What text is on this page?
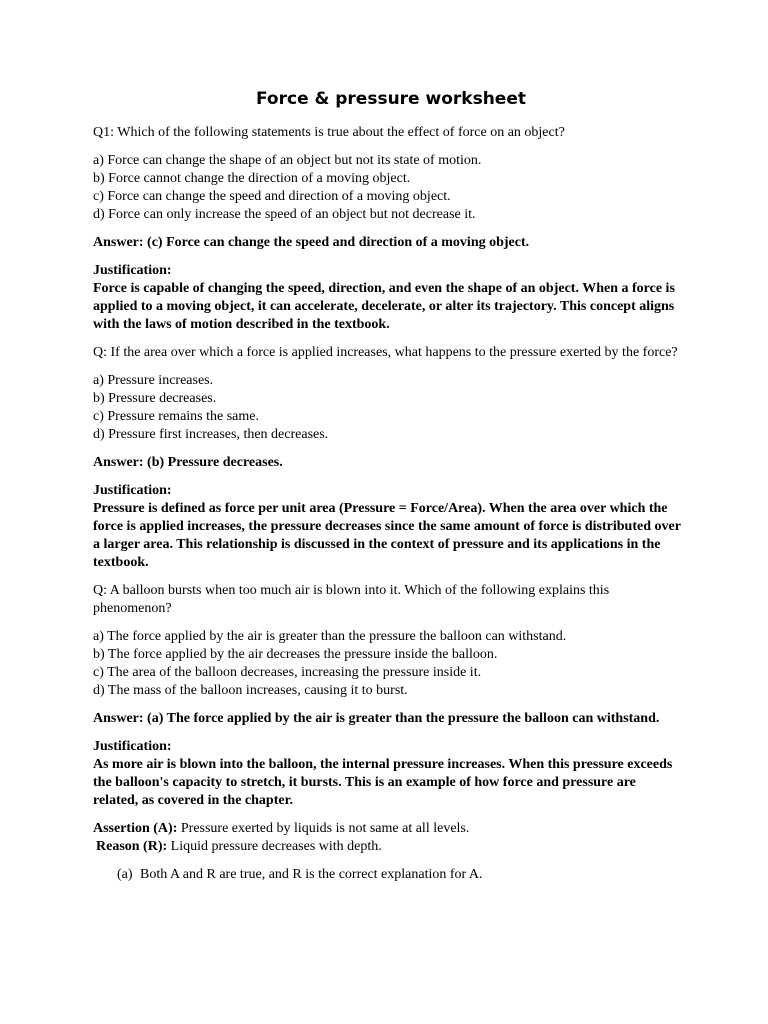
Force & pressure worksheet
Q1: Which of the following statements is true about the effect of force on an object?
a) Force can change the shape of an object but not its state of motion.
b) Force cannot change the direction of a moving object.
c) Force can change the speed and direction of a moving object.
d) Force can only increase the speed of an object but not decrease it.
Answer: (c) Force can change the speed and direction of a moving object.
Justification:
Force is capable of changing the speed, direction, and even the shape of an object. When a force is applied to a moving object, it can accelerate, decelerate, or alter its trajectory. This concept aligns with the laws of motion described in the textbook.
Q: If the area over which a force is applied increases, what happens to the pressure exerted by the force?
a) Pressure increases.
b) Pressure decreases.
c) Pressure remains the same.
d) Pressure first increases, then decreases.
Answer: (b) Pressure decreases.
Justification:
Pressure is defined as force per unit area (Pressure = Force/Area). When the area over which the force is applied increases, the pressure decreases since the same amount of force is distributed over a larger area. This relationship is discussed in the context of pressure and its applications in the textbook.
Q: A balloon bursts when too much air is blown into it. Which of the following explains this phenomenon?
a) The force applied by the air is greater than the pressure the balloon can withstand.
b) The force applied by the air decreases the pressure inside the balloon.
c) The area of the balloon decreases, increasing the pressure inside it.
d) The mass of the balloon increases, causing it to burst.
Answer: (a) The force applied by the air is greater than the pressure the balloon can withstand.
Justification:
As more air is blown into the balloon, the internal pressure increases. When this pressure exceeds the balloon's capacity to stretch, it bursts. This is an example of how force and pressure are related, as covered in the chapter.
Assertion (A): Pressure exerted by liquids is not same at all levels.
Reason (R): Liquid pressure decreases with depth.
(a) Both A and R are true, and R is the correct explanation for A.
